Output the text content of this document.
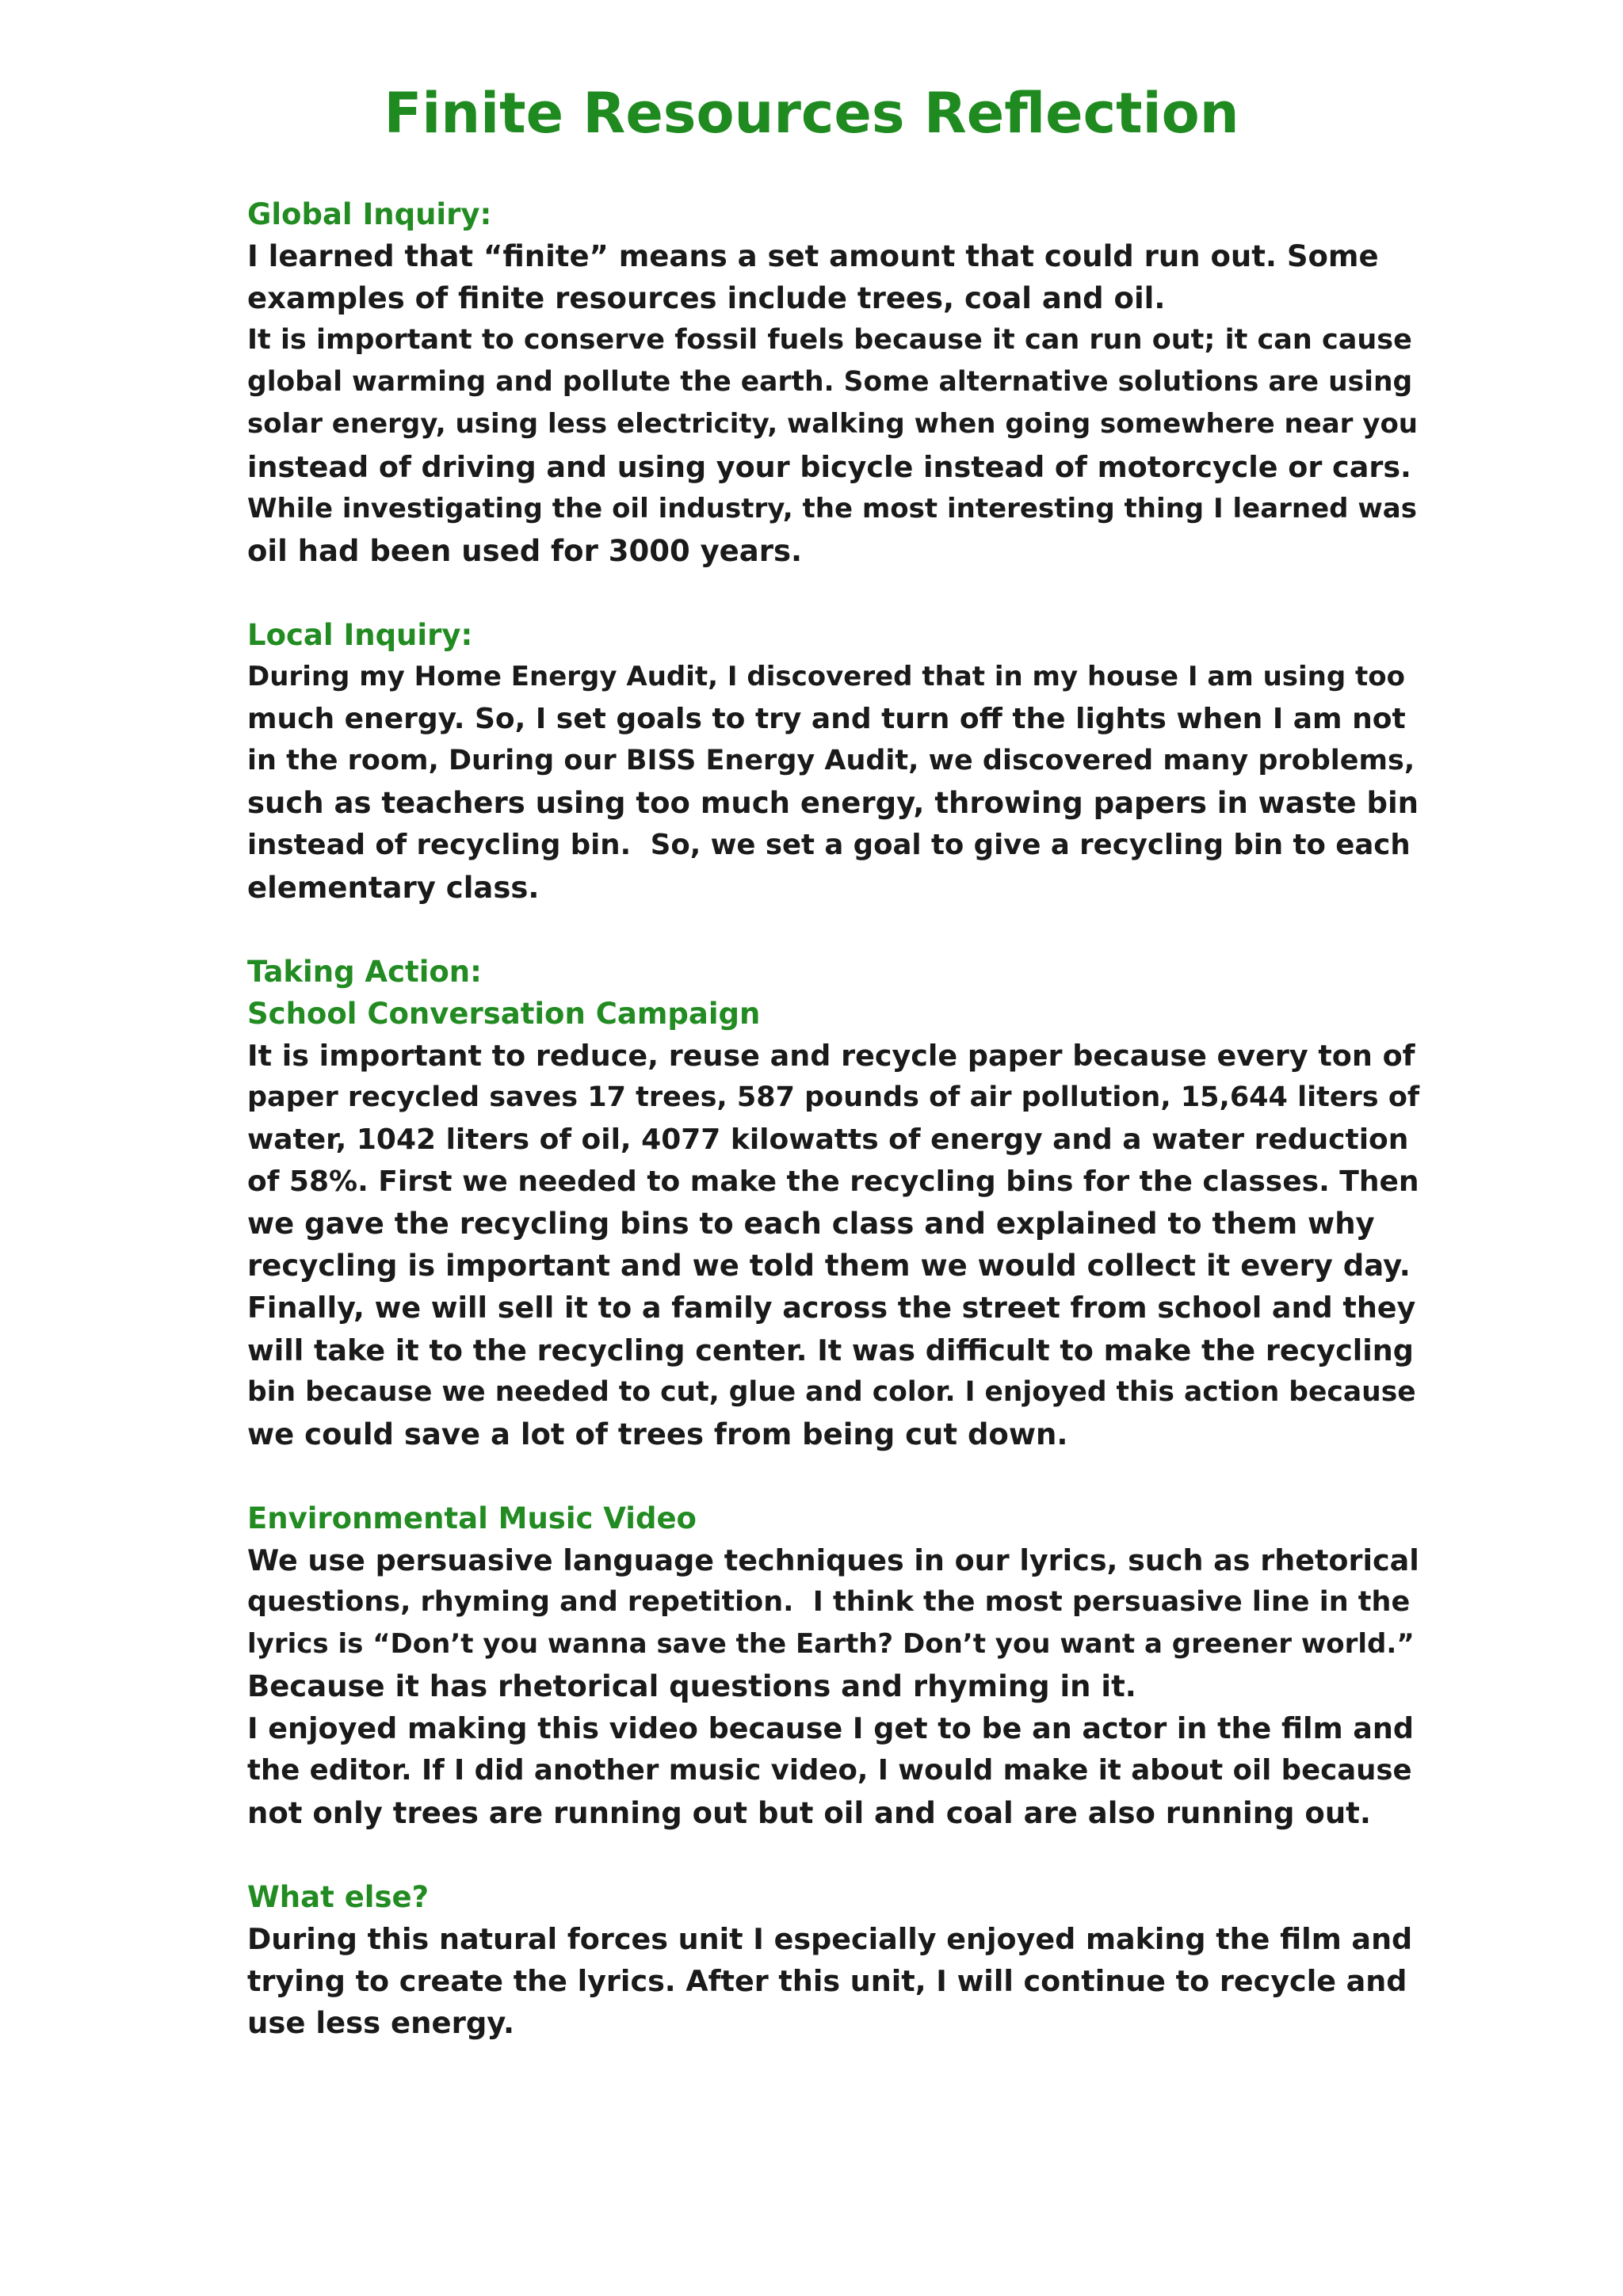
Finite Resources Reflection
Global Inquiry:
I learned that “finite” means a set amount that could run out. Some
examples of finite resources include trees, coal and oil.
It is important to conserve fossil fuels because it can run out; it can cause
global warming and pollute the earth. Some alternative solutions are using
solar energy, using less electricity, walking when going somewhere near you
instead of driving and using your bicycle instead of motorcycle or cars.
While investigating the oil industry, the most interesting thing I learned was
oil had been used for 3000 years.
Local Inquiry:
During my Home Energy Audit, I discovered that in my house I am using too
much energy. So, I set goals to try and turn off the lights when I am not
in the room, During our BISS Energy Audit, we discovered many problems,
such as teachers using too much energy, throwing papers in waste bin
instead of recycling bin.  So, we set a goal to give a recycling bin to each
elementary class.
Taking Action:
School Conversation Campaign
It is important to reduce, reuse and recycle paper because every ton of
paper recycled saves 17 trees, 587 pounds of air pollution, 15,644 liters of
water, 1042 liters of oil, 4077 kilowatts of energy and a water reduction
of 58%. First we needed to make the recycling bins for the classes. Then
we gave the recycling bins to each class and explained to them why
recycling is important and we told them we would collect it every day.
Finally, we will sell it to a family across the street from school and they
will take it to the recycling center. It was difficult to make the recycling
bin because we needed to cut, glue and color. I enjoyed this action because
we could save a lot of trees from being cut down.
Environmental Music Video
We use persuasive language techniques in our lyrics, such as rhetorical
questions, rhyming and repetition.  I think the most persuasive line in the
lyrics is “Don’t you wanna save the Earth? Don’t you want a greener world.”
Because it has rhetorical questions and rhyming in it.
I enjoyed making this video because I get to be an actor in the film and
the editor. If I did another music video, I would make it about oil because
not only trees are running out but oil and coal are also running out.
What else?
During this natural forces unit I especially enjoyed making the film and
trying to create the lyrics. After this unit, I will continue to recycle and
use less energy.
